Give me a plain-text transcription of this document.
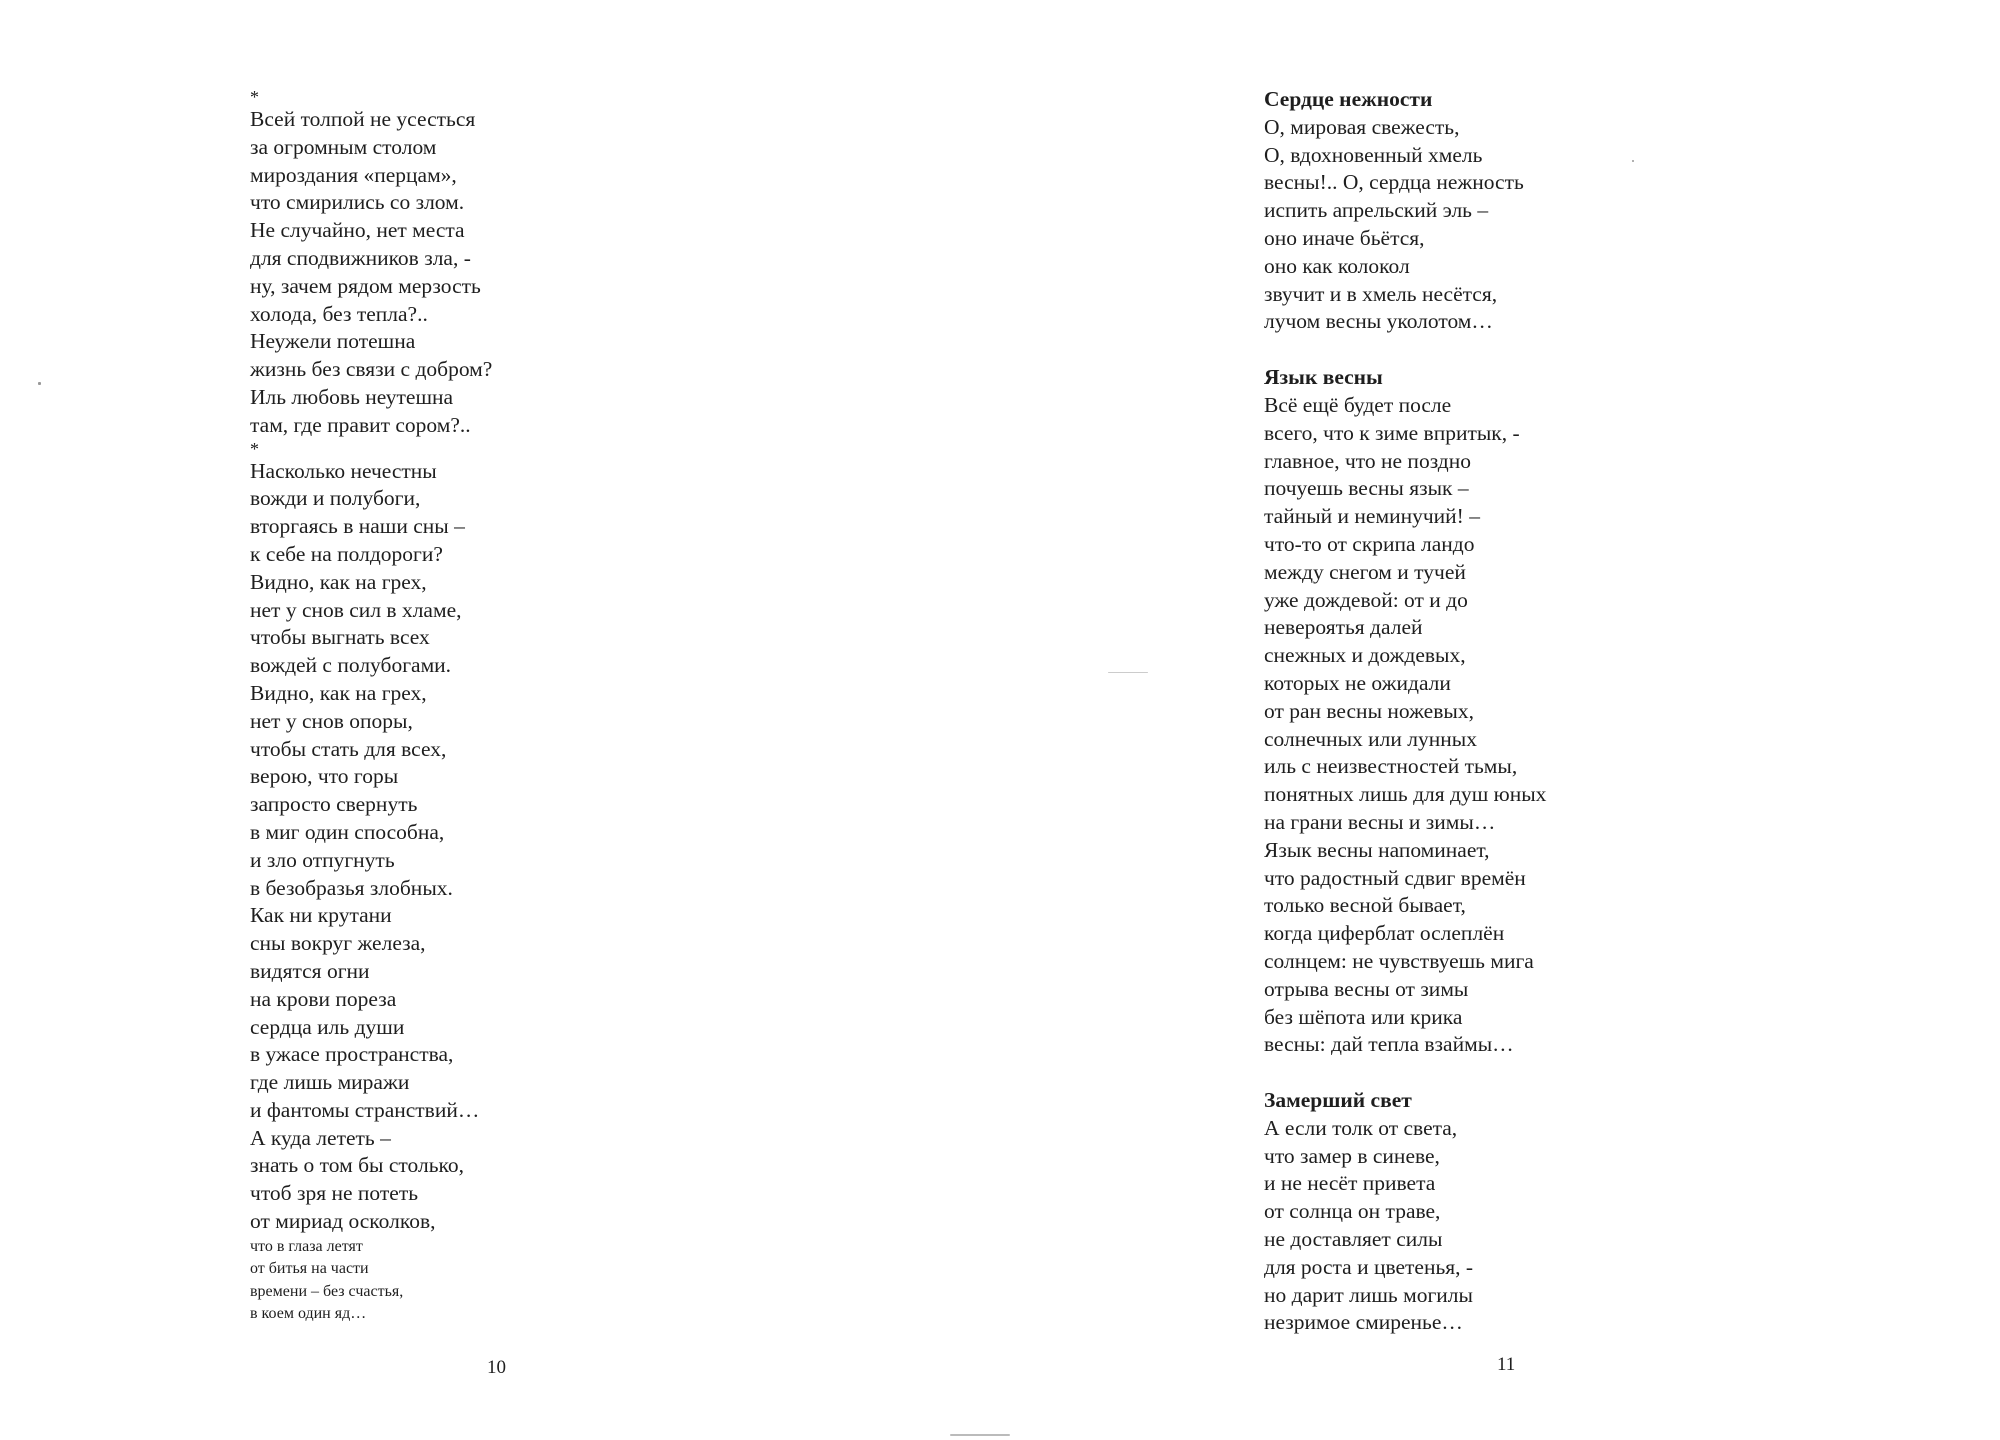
*
Всей толпой не усесться
за огромным столом
мироздания «перцам»,
что смирились со злом.
Не случайно, нет места
для сподвижников зла, -
ну, зачем рядом мерзость
холода, без тепла?..
Неужели потешна
жизнь без связи с добром?
Иль любовь неутешна
там, где правит сором?..
*
Насколько нечестны
вожди и полубоги,
вторгаясь в наши сны –
к себе на полдороги?
Видно, как на грех,
нет у снов сил в хламе,
чтобы выгнать всех
вождей с полубогами.
Видно, как на грех,
нет у снов опоры,
чтобы стать для всех,
верою, что горы
запросто свернуть
в миг один способна,
и зло отпугнуть
в безобразья злобных.
Как ни крутани
сны вокруг железа,
видятся огни
на крови пореза
сердца иль души
в ужасе пространства,
где лишь миражи
и фантомы странствий…
А куда лететь –
знать о том бы столько,
чтоб зря не потеть
от мириад осколков,
что в глаза летят
от битья на части
времени – без счастья,
в коем один яд…
10
Сердце нежности
О, мировая свежесть,
О, вдохновенный хмель
весны!.. О, сердца нежность
испить апрельский эль –
оно иначе бьётся,
оно как колокол
звучит и в хмель несётся,
лучом весны уколотом…
Язык весны
Всё ещё будет после
всего, что к зиме впритык, -
главное, что не поздно
почуешь весны язык –
тайный и неминучий! –
что-то от скрипа ландо
между снегом и тучей
уже дождевой: от и до
невероятья далей
снежных и дождевых,
которых не ожидали
от ран весны ножевых,
солнечных или лунных
иль с неизвестностей тьмы,
понятных лишь для душ юных
на грани весны и зимы…
Язык весны напоминает,
что радостный сдвиг времён
только весной бывает,
когда циферблат ослеплён
солнцем: не чувствуешь мига
отрыва весны от зимы
без шёпота или крика
весны: дай тепла взаймы…
Замерший свет
А если толк от света,
что замер в синеве,
и не несёт привета
от солнца он траве,
не доставляет силы
для роста и цветенья, -
но дарит лишь могилы
незримое смиренье…
11
